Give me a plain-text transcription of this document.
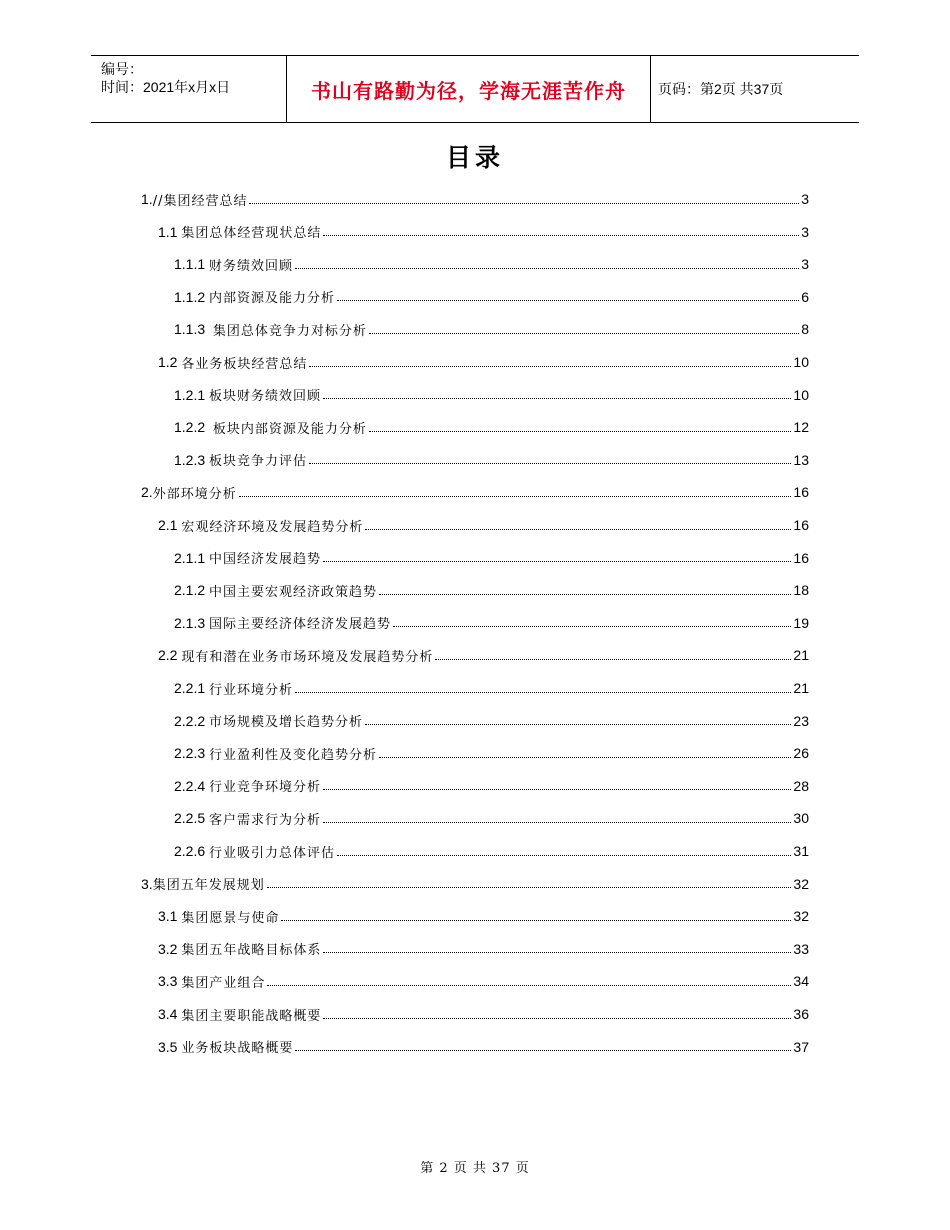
编号：
时间：2021年x月x日	书山有路勤为径，学海无涯苦作舟 页码：第2页 共37页
目录
1. //集团经营总结	3
1.1 集团总体经营现状总结	3
1.1.1 财务绩效回顾	3
1.1.2 内部资源及能力分析	6
1.1.3 集团总体竞争力对标分析	8
1.2 各业务板块经营总结	10
1.2.1 板块财务绩效回顾	10
1.2.2 板块内部资源及能力分析	12
1.2.3 板块竞争力评估	13
2. 外部环境分析	16
2.1 宏观经济环境及发展趋势分析	16
2.1.1 中国经济发展趋势	16
2.1.2 中国主要宏观经济政策趋势	18
2.1.3 国际主要经济体经济发展趋势	19
2.2 现有和潜在业务市场环境及发展趋势分析	21
2.2.1 行业环境分析	21
2.2.2 市场规模及增长趋势分析	23
2.2.3 行业盈利性及变化趋势分析	26
2.2.4 行业竞争环境分析	28
2.2.5 客户需求行为分析	30
2.2.6 行业吸引力总体评估	31
3. 集团五年发展规划	32
3.1 集团愿景与使命	32
3.2 集团五年战略目标体系	33
3.3 集团产业组合	34
3.4 集团主要职能战略概要	36
3.5 业务板块战略概要	37
第 2 页 共 37 页
